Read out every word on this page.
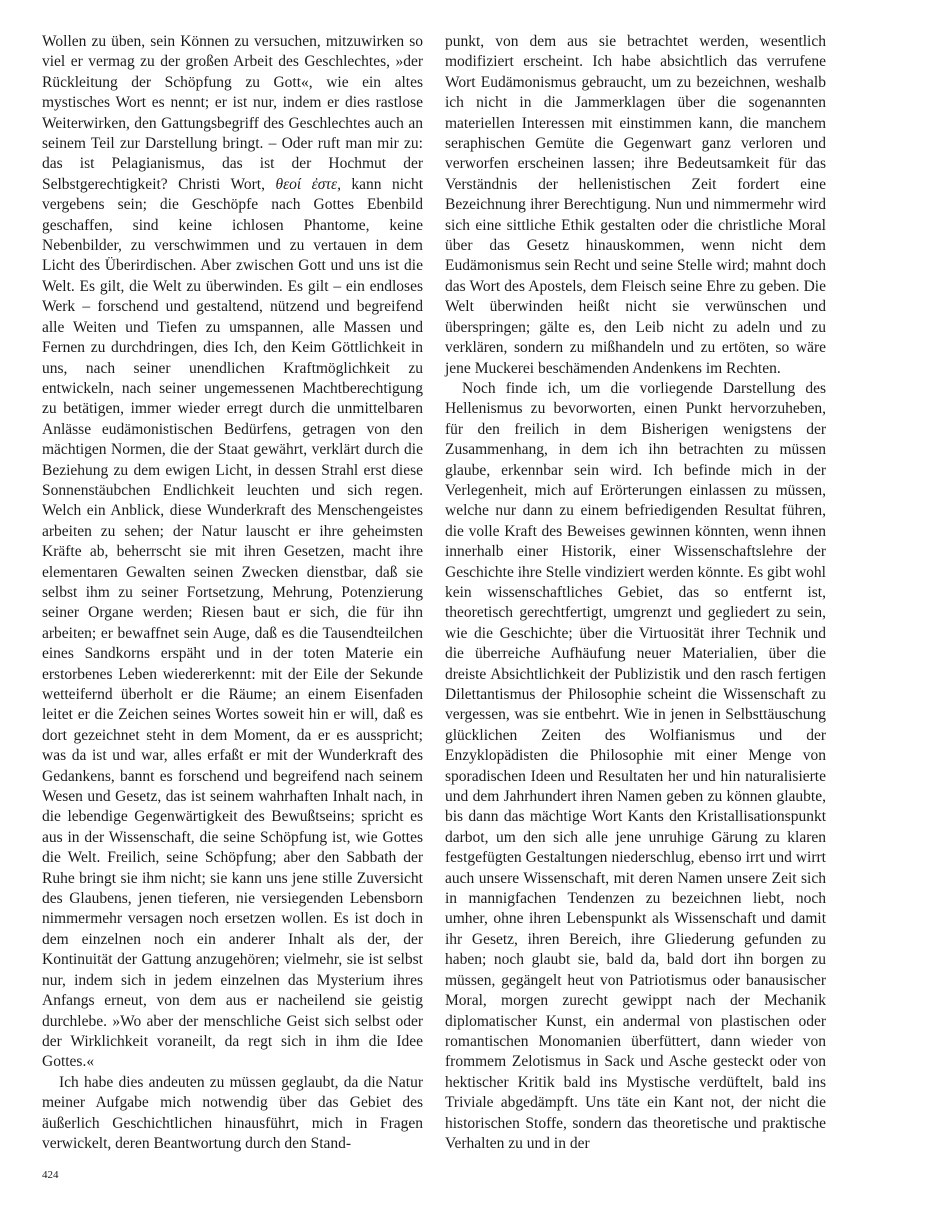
Wollen zu üben, sein Können zu versuchen, mitzuwirken so viel er vermag zu der großen Arbeit des Geschlechtes, »der Rückleitung der Schöpfung zu Gott«, wie ein altes mystisches Wort es nennt; er ist nur, indem er dies rastlose Weiterwirken, den Gattungsbegriff des Geschlechtes auch an seinem Teil zur Darstellung bringt. – Oder ruft man mir zu: das ist Pelagianismus, das ist der Hochmut der Selbstgerechtigkeit? Christi Wort, θεοί ἐστε, kann nicht vergebens sein; die Geschöpfe nach Gottes Ebenbild geschaffen, sind keine ichlosen Phantome, keine Nebenbilder, zu verschwimmen und zu vertauen in dem Licht des Überirdischen. Aber zwischen Gott und uns ist die Welt. Es gilt, die Welt zu überwinden. Es gilt – ein endloses Werk – forschend und gestaltend, nützend und begreifend alle Weiten und Tiefen zu umspannen, alle Massen und Fernen zu durchdringen, dies Ich, den Keim Göttlichkeit in uns, nach seiner unendlichen Kraftmöglichkeit zu entwickeln, nach seiner ungemessenen Machtberechtigung zu betätigen, immer wieder erregt durch die unmittelbaren Anlässe eudämonistischen Bedürfens, getragen von den mächtigen Normen, die der Staat gewährt, verklärt durch die Beziehung zu dem ewigen Licht, in dessen Strahl erst diese Sonnenstäubchen Endlichkeit leuchten und sich regen. Welch ein Anblick, diese Wunderkraft des Menschengeistes arbeiten zu sehen; der Natur lauscht er ihre geheimsten Kräfte ab, beherrscht sie mit ihren Gesetzen, macht ihre elementaren Gewalten seinen Zwecken dienstbar, daß sie selbst ihm zu seiner Fortsetzung, Mehrung, Potenzierung seiner Organe werden; Riesen baut er sich, die für ihn arbeiten; er bewaffnet sein Auge, daß es die Tausendteilchen eines Sandkorns erspäht und in der toten Materie ein erstorbenes Leben wiedererkennt: mit der Eile der Sekunde wetteifernd überholt er die Räume; an einem Eisenfaden leitet er die Zeichen seines Wortes soweit hin er will, daß es dort gezeichnet steht in dem Moment, da er es ausspricht; was da ist und war, alles erfaßt er mit der Wunderkraft des Gedankens, bannt es forschend und begreifend nach seinem Wesen und Gesetz, das ist seinem wahrhaften Inhalt nach, in die lebendige Gegenwärtigkeit des Bewußtseins; spricht es aus in der Wissenschaft, die seine Schöpfung ist, wie Gottes die Welt. Freilich, seine Schöpfung; aber den Sabbath der Ruhe bringt sie ihm nicht; sie kann uns jene stille Zuversicht des Glaubens, jenen tieferen, nie versiegenden Lebensborn nimmermehr versagen noch ersetzen wollen. Es ist doch in dem einzelnen noch ein anderer Inhalt als der, der Kontinuität der Gattung anzugehören; vielmehr, sie ist selbst nur, indem sich in jedem einzelnen das Mysterium ihres Anfangs erneut, von dem aus er nacheilend sie geistig durchlebe. »Wo aber der menschliche Geist sich selbst oder der Wirklichkeit voraneilt, da regt sich in ihm die Idee Gottes.«

Ich habe dies andeuten zu müssen geglaubt, da die Natur meiner Aufgabe mich notwendig über das Gebiet des äußerlich Geschichtlichen hinausführt, mich in Fragen verwickelt, deren Beantwortung durch den Stand-

punkt, von dem aus sie betrachtet werden, wesentlich modifiziert erscheint. Ich habe absichtlich das verrufene Wort Eudämonismus gebraucht, um zu bezeichnen, weshalb ich nicht in die Jammerklagen über die sogenannten materiellen Interessen mit einstimmen kann, die manchem seraphischen Gemüte die Gegenwart ganz verloren und verworfen erscheinen lassen; ihre Bedeutsamkeit für das Verständnis der hellenistischen Zeit fordert eine Bezeichnung ihrer Berechtigung. Nun und nimmermehr wird sich eine sittliche Ethik gestalten oder die christliche Moral über das Gesetz hinauskommen, wenn nicht dem Eudämonismus sein Recht und seine Stelle wird; mahnt doch das Wort des Apostels, dem Fleisch seine Ehre zu geben. Die Welt überwinden heißt nicht sie verwünschen und überspringen; gälte es, den Leib nicht zu adeln und zu verklären, sondern zu mißhandeln und zu ertöten, so wäre jene Muckerei beschämenden Andenkens im Rechten.

Noch finde ich, um die vorliegende Darstellung des Hellenismus zu bevorworten, einen Punkt hervorzuheben, für den freilich in dem Bisherigen wenigstens der Zusammenhang, in dem ich ihn betrachten zu müssen glaube, erkennbar sein wird. Ich befinde mich in der Verlegenheit, mich auf Erörterungen einlassen zu müssen, welche nur dann zu einem befriedigenden Resultat führen, die volle Kraft des Beweises gewinnen könnten, wenn ihnen innerhalb einer Historik, einer Wissenschaftslehre der Geschichte ihre Stelle vindiziert werden könnte. Es gibt wohl kein wissenschaftliches Gebiet, das so entfernt ist, theoretisch gerechtfertigt, umgrenzt und gegliedert zu sein, wie die Geschichte; über die Virtuosität ihrer Technik und die überreiche Aufhäufung neuer Materialien, über die dreiste Absichtlichkeit der Publizistik und den rasch fertigen Dilettantismus der Philosophie scheint die Wissenschaft zu vergessen, was sie entbehrt. Wie in jenen in Selbsttäuschung glücklichen Zeiten des Wolfianismus und der Enzyklopädisten die Philosophie mit einer Menge von sporadischen Ideen und Resultaten her und hin naturalisierte und dem Jahrhundert ihren Namen geben zu können glaubte, bis dann das mächtige Wort Kants den Kristallisationspunkt darbot, um den sich alle jene unruhige Gärung zu klaren festgefügten Gestaltungen niederschlug, ebenso irrt und wirrt auch unsere Wissenschaft, mit deren Namen unsere Zeit sich in mannigfachen Tendenzen zu bezeichnen liebt, noch umher, ohne ihren Lebenspunkt als Wissenschaft und damit ihr Gesetz, ihren Bereich, ihre Gliederung gefunden zu haben; noch glaubt sie, bald da, bald dort ihn borgen zu müssen, gegängelt heut von Patriotismus oder banausischer Moral, morgen zurecht gewippt nach der Mechanik diplomatischer Kunst, ein andermal von plastischen oder romantischen Monomanien überfüttert, dann wieder von frommem Zelotismus in Sack und Asche gesteckt oder von hektischer Kritik bald ins Mystische verdüftelt, bald ins Triviale abgedämpft. Uns täte ein Kant not, der nicht die historischen Stoffe, sondern das theoretische und praktische Verhalten zu und in der

424
